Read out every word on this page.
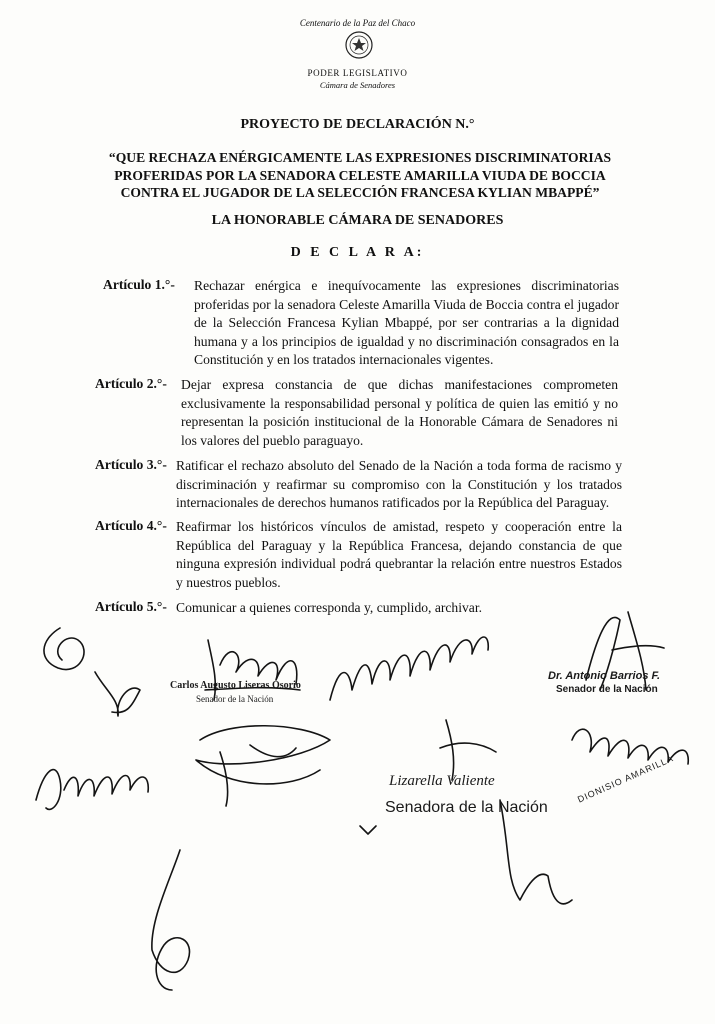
Centenario de la Paz del Chaco
PODER LEGISLATIVO
Cámara de Senadores
PROYECTO DE DECLARACIÓN N.°
“QUE RECHAZA ENÉRGICAMENTE LAS EXPRESIONES DISCRIMINATORIAS
PROFERIDAS POR LA SENADORA CELESTE AMARILLA VIUDA DE BOCCIA
CONTRA EL JUGADOR DE LA SELECCIÓN FRANCESA KYLIAN MBAPPÉ”
LA HONORABLE CÁMARA DE SENADORES
D E C L A R A:
Artículo 1.°- Rechazar enérgica e inequívocamente las expresiones discriminatorias proferidas por la senadora Celeste Amarilla Viuda de Boccia contra el jugador de la Selección Francesa Kylian Mbappé, por ser contrarias a la dignidad humana y a los principios de igualdad y no discriminación consagrados en la Constitución y en los tratados internacionales vigentes.
Artículo 2.°- Dejar expresa constancia de que dichas manifestaciones comprometen exclusivamente la responsabilidad personal y política de quien las emitió y no representan la posición institucional de la Honorable Cámara de Senadores ni los valores del pueblo paraguayo.
Artículo 3.°- Ratificar el rechazo absoluto del Senado de la Nación a toda forma de racismo y discriminación y reafirmar su compromiso con la Constitución y los tratados internacionales de derechos humanos ratificados por la República del Paraguay.
Artículo 4.°- Reafirmar los históricos vínculos de amistad, respeto y cooperación entre la República del Paraguay y la República Francesa, dejando constancia de que ninguna expresión individual podrá quebrantar la relación entre nuestros Estados y nuestros pueblos.
Artículo 5.°- Comunicar a quienes corresponda y, cumplido, archivar.
Carlos Augusto Liseras Osorio
Senador de la Nación
Dr. Antonio Barrios F.
Senador de la Nación
Lizarella Valiente
Senadora de la Nación
DIONISIO AMARILLA
